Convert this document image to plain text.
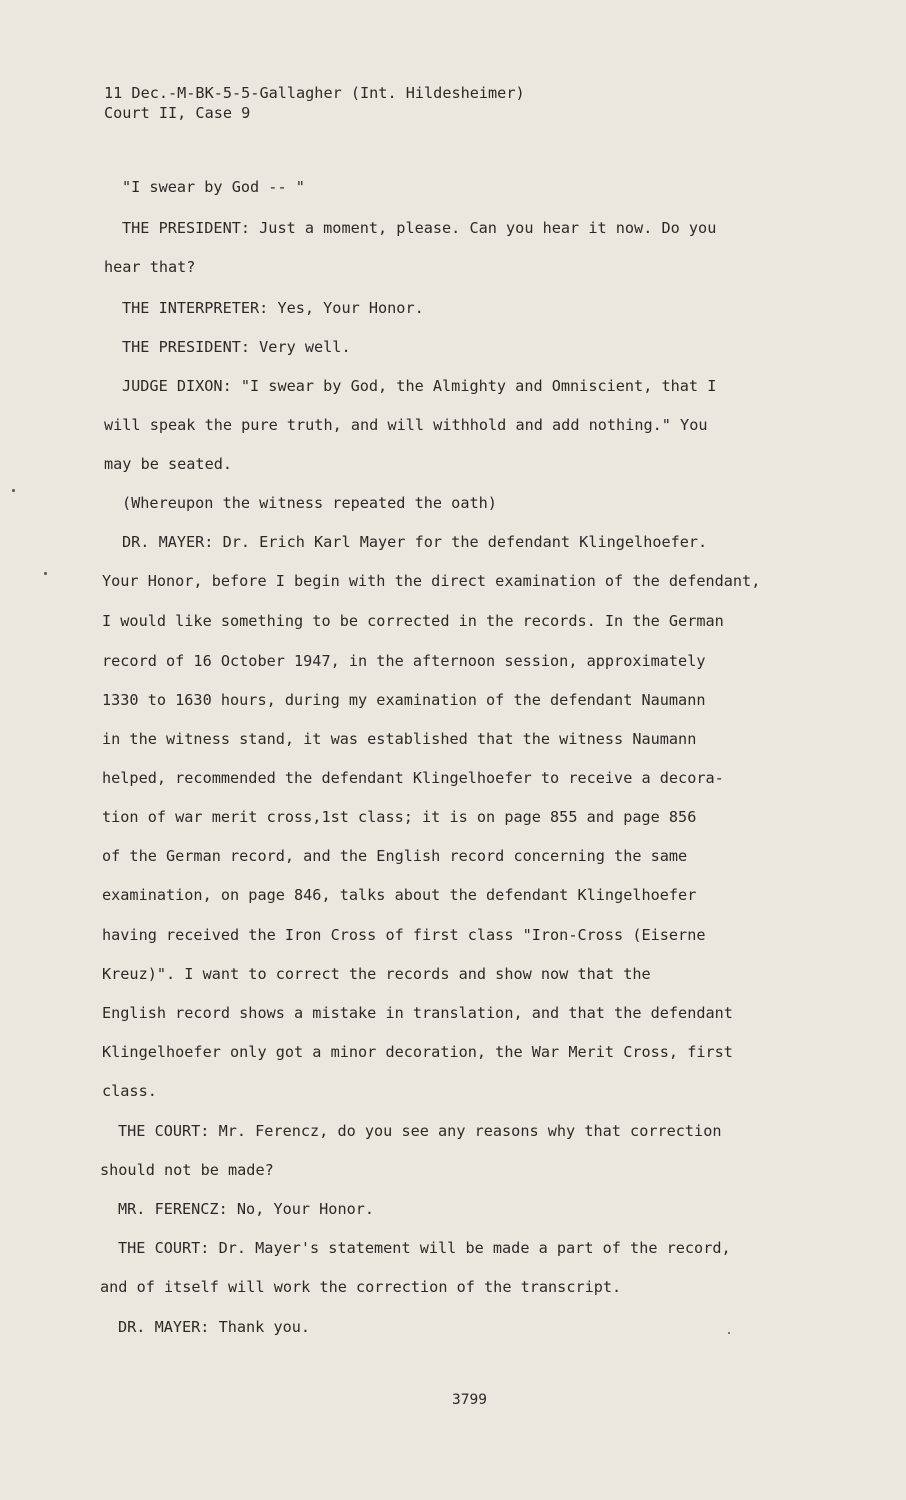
11 Dec.-M-BK-5-5-Gallagher (Int. Hildesheimer)
Court II, Case 9
"I swear by God -- "
THE PRESIDENT: Just a moment, please. Can you hear it now. Do you
hear that?
THE INTERPRETER: Yes, Your Honor.
THE PRESIDENT: Very well.
JUDGE DIXON: "I swear by God, the Almighty and Omniscient, that I
will speak the pure truth, and will withhold and add nothing." You
may be seated.
(Whereupon the witness repeated the oath)
DR. MAYER: Dr. Erich Karl Mayer for the defendant Klingelhoefer.
Your Honor, before I begin with the direct examination of the defendant,
I would like something to be corrected in the records. In the German
record of 16 October 1947, in the afternoon session, approximately
1330 to 1630 hours, during my examination of the defendant Naumann
in the witness stand, it was established that the witness Naumann
helped, recommended the defendant Klingelhoefer to receive a decora-
tion of war merit cross,1st class; it is on page 855 and page 856
of the German record, and the English record concerning the same
examination, on page 846, talks about the defendant Klingelhoefer
having received the Iron Cross of first class "Iron-Cross (Eiserne
Kreuz)". I want to correct the records and show now that the
English record shows a mistake in translation, and that the defendant
Klingelhoefer only got a minor decoration, the War Merit Cross, first
class.
THE COURT: Mr. Ferencz, do you see any reasons why that correction
should not be made?
MR. FERENCZ: No, Your Honor.
THE COURT: Dr. Mayer's statement will be made a part of the record,
and of itself will work the correction of the transcript.
DR. MAYER: Thank you.
3799
